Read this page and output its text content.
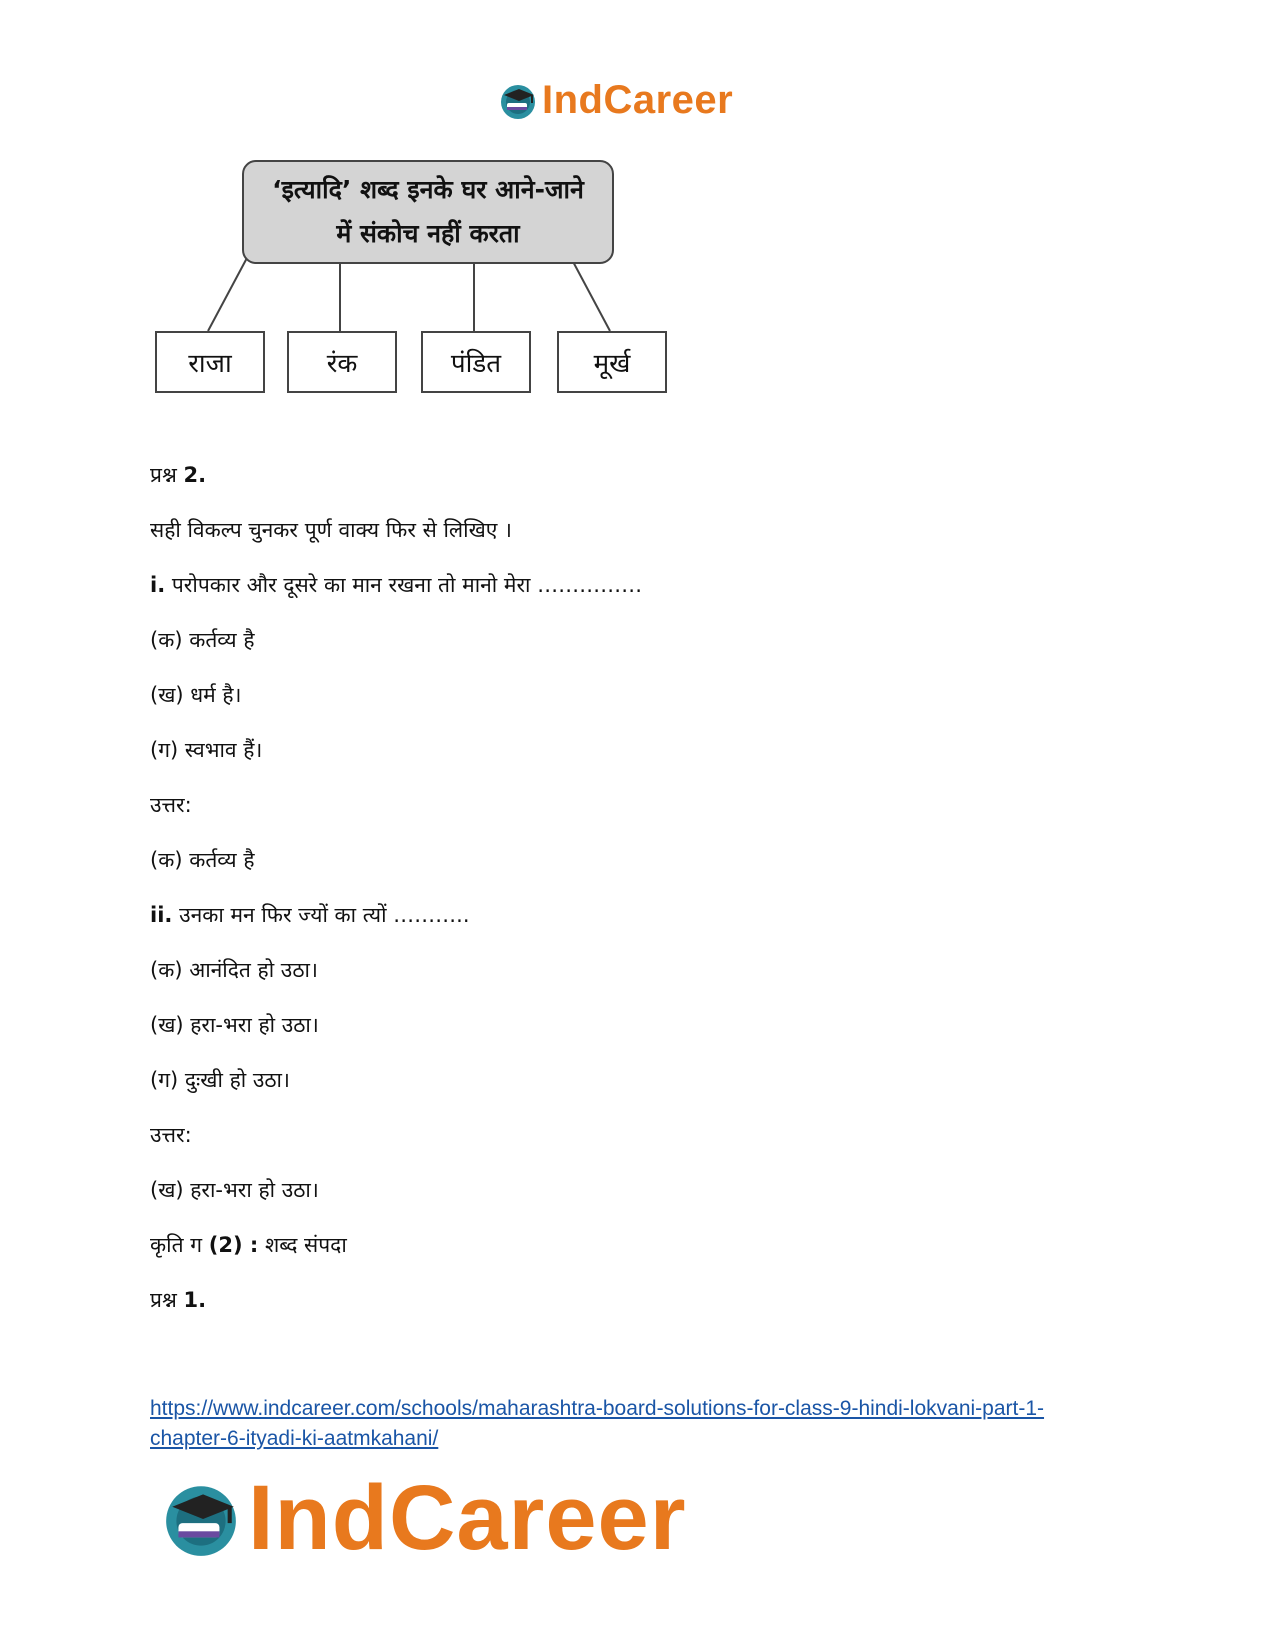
IndCareer
‘इत्यादि’ शब्द इनके घर आने-जाने
में संकोच नहीं करता
राजा	रंक	पंडित	मूर्ख
प्रश्न 2.
सही विकल्प चुनकर पूर्ण वाक्य फिर से लिखिए ।
i. परोपकार और दूसरे का मान रखना तो मानो मेरा ……………
(क) कर्तव्य है
(ख) धर्म है।
(ग) स्वभाव हैं।
उत्तर:
(क) कर्तव्य है
ii. उनका मन फिर ज्यों का त्यों ………..
(क) आनंदित हो उठा।
(ख) हरा-भरा हो उठा।
(ग) दुःखी हो उठा।
उत्तर:
(ख) हरा-भरा हो उठा।
कृति ग (2) : शब्द संपदा
प्रश्न 1.
https://www.indcareer.com/schools/maharashtra-board-solutions-for-class-9-hindi-lokvani-part-1-
chapter-6-ityadi-ki-aatmkahani/
IndCareer
